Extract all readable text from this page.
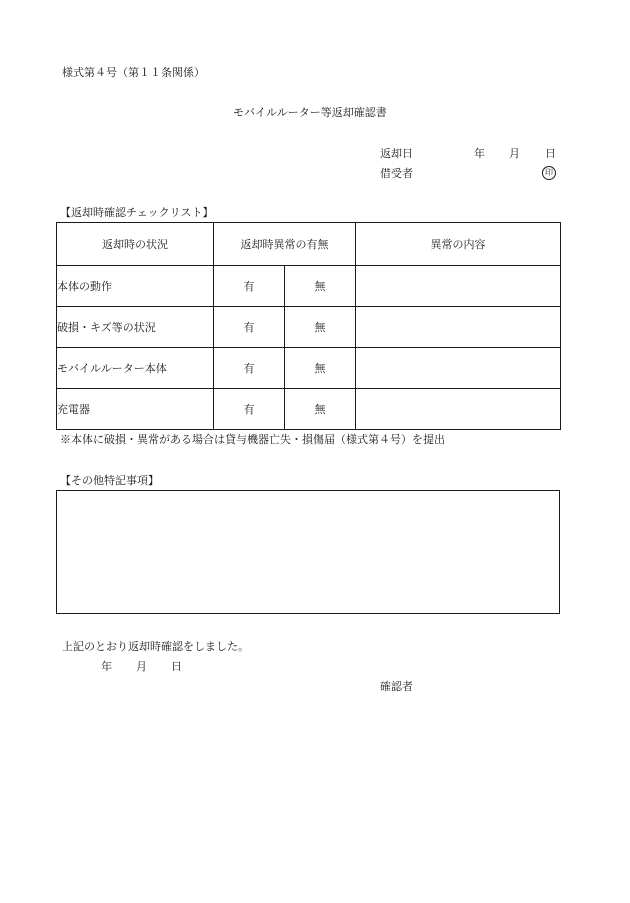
様式第４号（第１１条関係）
モバイルルーター等返却確認書
返却日	年 月 日
借受者	印
【返却時確認チェックリスト】
返却時の状況	返却時異常の有無		異常の内容
本体の動作	有	無	
破損・キズ等の状況	有	無	
モバイルルーター本体	有	無	
充電器	有	無	
※本体に破損・異常がある場合は貸与機器亡失・損傷届（様式第４号）を提出
【その他特記事項】
上記のとおり返却時確認をしました。
年 月 日
確認者
